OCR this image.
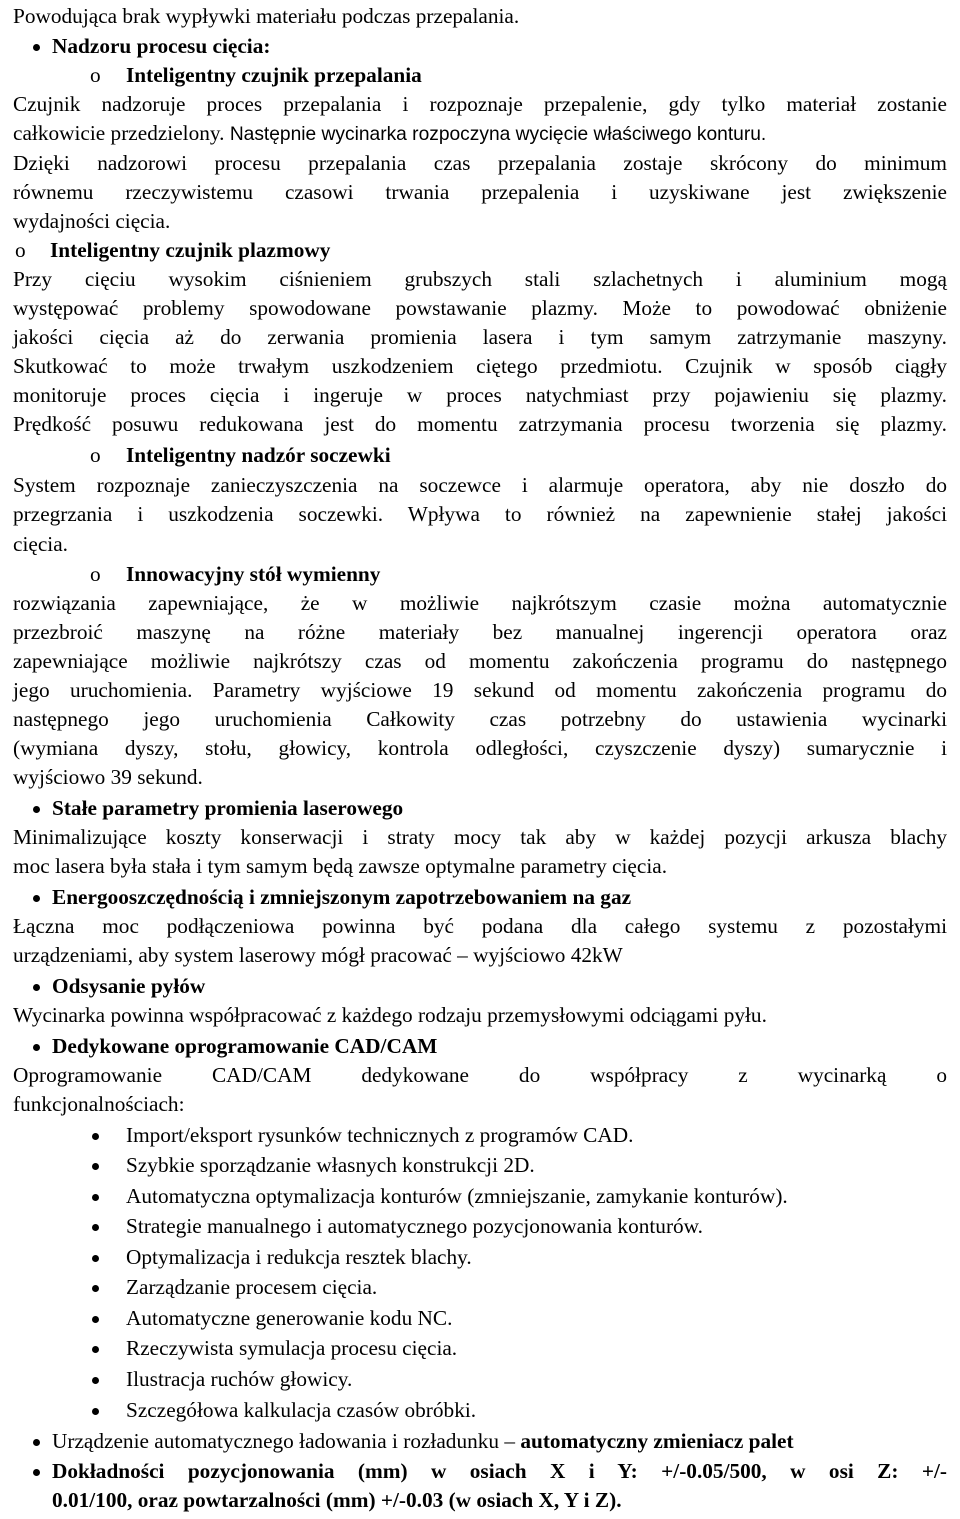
Powodująca brak wypływki materiału podczas przepalania.
Nadzoru procesu cięcia:
o Inteligentny czujnik przepalania
Czujnik nadzoruje proces przepalania i rozpoznaje przepalenie, gdy tylko materiał zostanie
całkowicie przedzielony. Następnie wycinarka rozpoczyna wycięcie właściwego konturu.
Dzięki nadzorowi procesu przepalania czas przepalania zostaje skrócony do minimum
równemu rzeczywistemu czasowi trwania przepalenia i uzyskiwane jest zwiększenie
wydajności cięcia.
o Inteligentny czujnik plazmowy
Przy cięciu wysokim ciśnieniem grubszych stali szlachetnych i aluminium mogą
występować problemy spowodowane powstawanie plazmy. Może to powodować obniżenie
jakości cięcia aż do zerwania promienia lasera i tym samym zatrzymanie maszyny.
Skutkować to może trwałym uszkodzeniem ciętego przedmiotu. Czujnik w sposób ciągły
monitoruje proces cięcia i ingeruje w proces natychmiast przy pojawieniu się plazmy.
Prędkość posuwu redukowana jest do momentu zatrzymania procesu tworzenia się plazmy.
o Inteligentny nadzór soczewki
System rozpoznaje zanieczyszczenia na soczewce i alarmuje operatora, aby nie doszło do
przegrzania i uszkodzenia soczewki. Wpływa to również na zapewnienie stałej jakości
cięcia.
o Innowacyjny stół wymienny
rozwiązania zapewniające, że w możliwie najkrótszym czasie można automatycznie
przezbroić maszynę na różne materiały bez manualnej ingerencji operatora oraz
zapewniające możliwie najkrótszy czas od momentu zakończenia programu do następnego
jego uruchomienia. Parametry wyjściowe 19 sekund od momentu zakończenia programu do
następnego jego uruchomienia Całkowity czas potrzebny do ustawienia wycinarki
(wymiana dyszy, stołu, głowicy, kontrola odległości, czyszczenie dyszy) sumarycznie i
wyjściowo 39 sekund.
Stałe parametry promienia laserowego
Minimalizujące koszty konserwacji i straty mocy tak aby w każdej pozycji arkusza blachy
moc lasera była stała i tym samym będą zawsze optymalne parametry cięcia.
Energooszczędnością i zmniejszonym zapotrzebowaniem na gaz
Łączna moc podłączeniowa powinna być podana dla całego systemu z pozostałymi
urządzeniami, aby system laserowy mógł pracować – wyjściowo 42kW
Odsysanie pyłów
Wycinarka powinna współpracować z każdego rodzaju przemysłowymi odciągami pyłu.
Dedykowane oprogramowanie CAD/CAM
Oprogramowanie CAD/CAM dedykowane do współpracy z wycinarką o
funkcjonalnościach:
Import/eksport rysunków technicznych z programów CAD.
Szybkie sporządzanie własnych konstrukcji 2D.
Automatyczna optymalizacja konturów (zmniejszanie, zamykanie konturów).
Strategie manualnego i automatycznego pozycjonowania konturów.
Optymalizacja i redukcja resztek blachy.
Zarządzanie procesem cięcia.
Automatyczne generowanie kodu NC.
Rzeczywista symulacja procesu cięcia.
Ilustracja ruchów głowicy.
Szczegółowa kalkulacja czasów obróbki.
Urządzenie automatycznego ładowania i rozładunku – automatyczny zmieniacz palet
Dokładności pozycjonowania (mm) w osiach X i Y: +/-0.05/500, w osi Z: +/-
0.01/100, oraz powtarzalności (mm) +/-0.03 (w osiach X, Y i Z).
